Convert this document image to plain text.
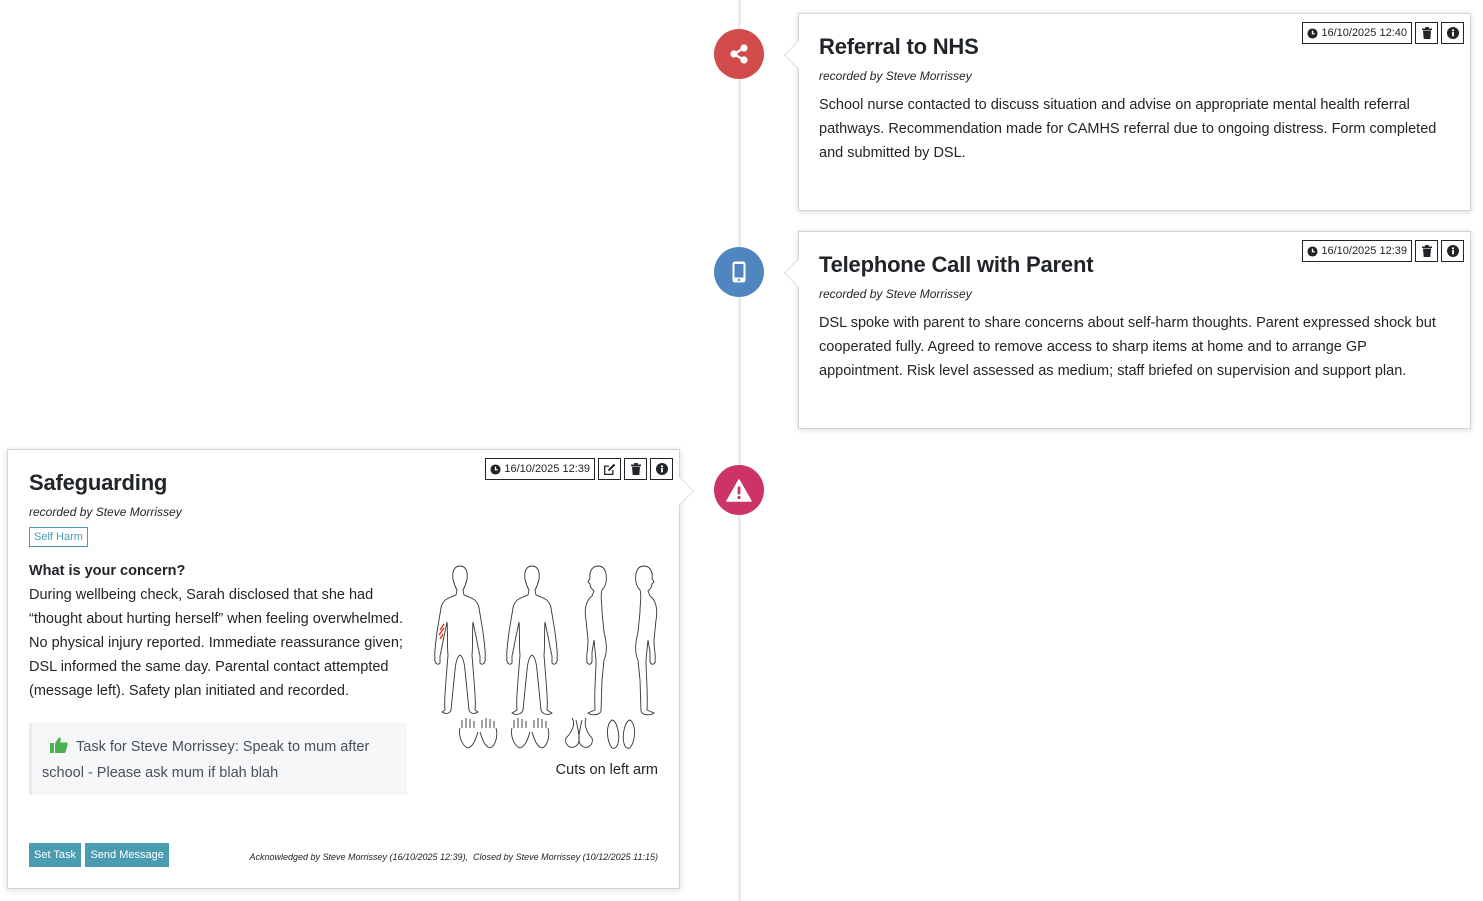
16/10/2025 12:40
Referral to NHS
recorded by Steve Morrissey
School nurse contacted to discuss situation and advise on appropriate mental health referral pathways. Recommendation made for CAMHS referral due to ongoing distress. Form completed and submitted by DSL.
16/10/2025 12:39
Telephone Call with Parent
recorded by Steve Morrissey
DSL spoke with parent to share concerns about self-harm thoughts. Parent expressed shock but cooperated fully. Agreed to remove access to sharp items at home and to arrange GP appointment. Risk level assessed as medium; staff briefed on supervision and support plan.
16/10/2025 12:39
Safeguarding
recorded by Steve Morrissey
Self Harm
What is your concern?
During wellbeing check, Sarah disclosed that she had “thought about hurting herself” when feeling overwhelmed. No physical injury reported. Immediate reassurance given; DSL informed the same day. Parental contact attempted (message left). Safety plan initiated and recorded.
Task for Steve Morrissey: Speak to mum after school - Please ask mum if blah blah	Cuts on left arm
Set Task Send Message	Acknowledged by Steve Morrissey (16/10/2025 12:39),  Closed by Steve Morrissey (10/12/2025 11:15)
